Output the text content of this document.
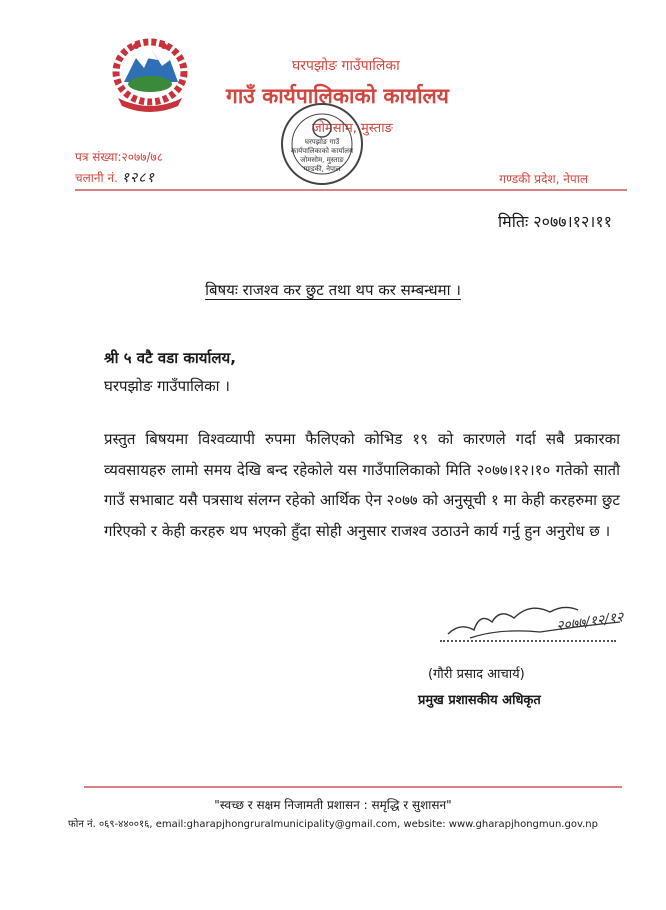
घरपझोङ गाउँपालिका
गाउँ कार्यपालिकाको कार्यालय
जोमसोम, मुस्ताङ
घरपझोङ गाउँ
कार्यपालिकाको कार्यालय
जोमसोम, मुस्ताङ
गण्डकी, नेपाल
पत्र संख्या:२०७७/७८
चलानी नं. १२८१	गण्डकी प्रदेश, नेपाल
मितिः २०७७।१२।११
बिषयः राजश्व कर छुट तथा थप कर सम्बन्धमा ।
श्री ५ वटै वडा कार्यालय,
घरपझोङ गाउँपालिका ।
प्रस्तुत बिषयमा विश्वव्यापी रुपमा फैलिएको कोभिड १९ को कारणले गर्दा सबै प्रकारका व्यवसायहरु लामो समय देखि बन्द रहेकोले यस गाउँपालिकाको मिति २०७७।१२।१० गतेको सातौ गाउँ सभाबाट यसै पत्रसाथ संलग्न रहेको आर्थिक ऐन २०७७ को अनुसूची १ मा केही करहरुमा छुट गरिएको र केही करहरु थप भएको हुँदा सोही अनुसार राजश्व उठाउने कार्य गर्नु हुन अनुरोध छ ।
२०७७/१२/१२
(गौरी प्रसाद आचार्य)
प्रमुख प्रशासकीय अधिकृत
"स्वच्छ र सक्षम निजामती प्रशासन : समृद्धि र सुशासन"
फोन नं. ०६९-४४००१६, email:gharapjhongruralmunicipality@gmail.com, website: www.gharapjhongmun.gov.np
